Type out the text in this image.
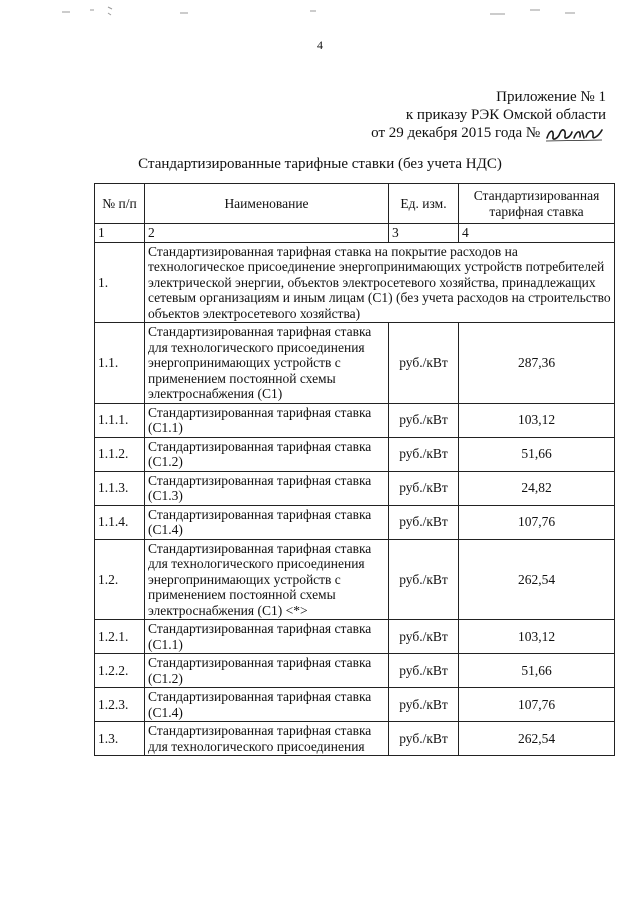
4
Приложение № 1
к приказу РЭК Омской области
от 29 декабря 2015 года №
Стандартизированные тарифные ставки (без учета НДС)
№ п/п	Наименование	Ед. изм.	Стандартизированная тарифная ставка
1	2	3	4
1.	Стандартизированная тарифная ставка на покрытие расходов на технологическое присоединение энергопринимающих устройств потребителей электрической энергии, объектов электросетевого хозяйства, принадлежащих сетевым организациям и иным лицам (С1) (без учета расходов на строительство объектов электросетевого хозяйства)		
1.1.	Стандартизированная тарифная ставка для технологического присоединения энергопринимающих устройств с применением постоянной схемы электроснабжения (С1)	руб./кВт	287,36
1.1.1.	Стандартизированная тарифная ставка (С1.1)	руб./кВт	103,12
1.1.2.	Стандартизированная тарифная ставка (С1.2)	руб./кВт	51,66
1.1.3.	Стандартизированная тарифная ставка (С1.3)	руб./кВт	24,82
1.1.4.	Стандартизированная тарифная ставка (С1.4)	руб./кВт	107,76
1.2.	Стандартизированная тарифная ставка для технологического присоединения энергопринимающих устройств с применением постоянной схемы электроснабжения (С1) <*>	руб./кВт	262,54
1.2.1.	Стандартизированная тарифная ставка (С1.1)	руб./кВт	103,12
1.2.2.	Стандартизированная тарифная ставка (С1.2)	руб./кВт	51,66
1.2.3.	Стандартизированная тарифная ставка (С1.4)	руб./кВт	107,76
1.3.	Стандартизированная тарифная ставка для технологического присоединения	руб./кВт	262,54
